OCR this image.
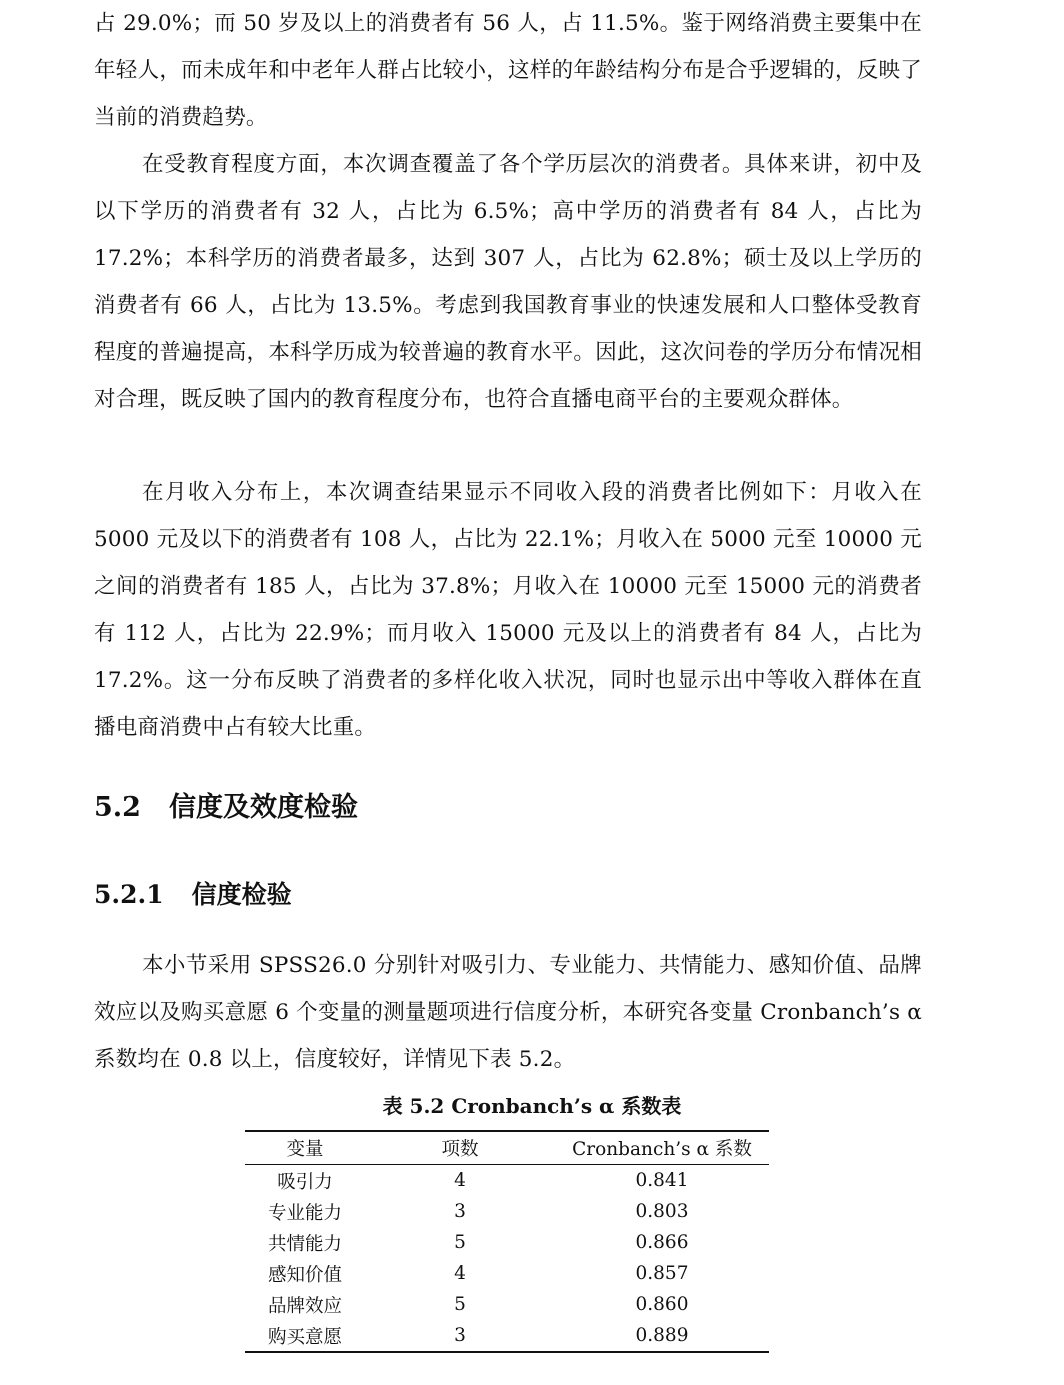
占 29.0%；而 50 岁及以上的消费者有 56 人，占 11.5%。鉴于网络消费主要集中在年轻人，而未成年和中老年人群占比较小，这样的年龄结构分布是合乎逻辑的，反映了当前的消费趋势。

在受教育程度方面，本次调查覆盖了各个学历层次的消费者。具体来讲，初中及以下学历的消费者有 32 人，占比为 6.5%；高中学历的消费者有 84 人，占比为 17.2%；本科学历的消费者最多，达到 307 人，占比为 62.8%；硕士及以上学历的消费者有 66 人，占比为 13.5%。考虑到我国教育事业的快速发展和人口整体受教育程度的普遍提高，本科学历成为较普遍的教育水平。因此，这次问卷的学历分布情况相对合理，既反映了国内的教育程度分布，也符合直播电商平台的主要观众群体。

在月收入分布上，本次调查结果显示不同收入段的消费者比例如下：月收入在 5000 元及以下的消费者有 108 人，占比为 22.1%；月收入在 5000 元至 10000 元之间的消费者有 185 人，占比为 37.8%；月收入在 10000 元至 15000 元的消费者有 112 人，占比为 22.9%；而月收入 15000 元及以上的消费者有 84 人，占比为 17.2%。这一分布反映了消费者的多样化收入状况，同时也显示出中等收入群体在直播电商消费中占有较大比重。

5.2 信度及效度检验
5.2.1 信度检验

本小节采用 SPSS26.0 分别针对吸引力、专业能力、共情能力、感知价值、品牌效应以及购买意愿 6 个变量的测量题项进行信度分析，本研究各变量 Cronbanch’s α 系数均在 0.8 以上，信度较好，详情见下表 5.2。

表 5.2 Cronbanch’s α 系数表
变量	项数	Cronbanch’s α 系数
吸引力	4	0.841
专业能力	3	0.803
共情能力	5	0.866
感知价值	4	0.857
品牌效应	5	0.860
购买意愿	3	0.889
